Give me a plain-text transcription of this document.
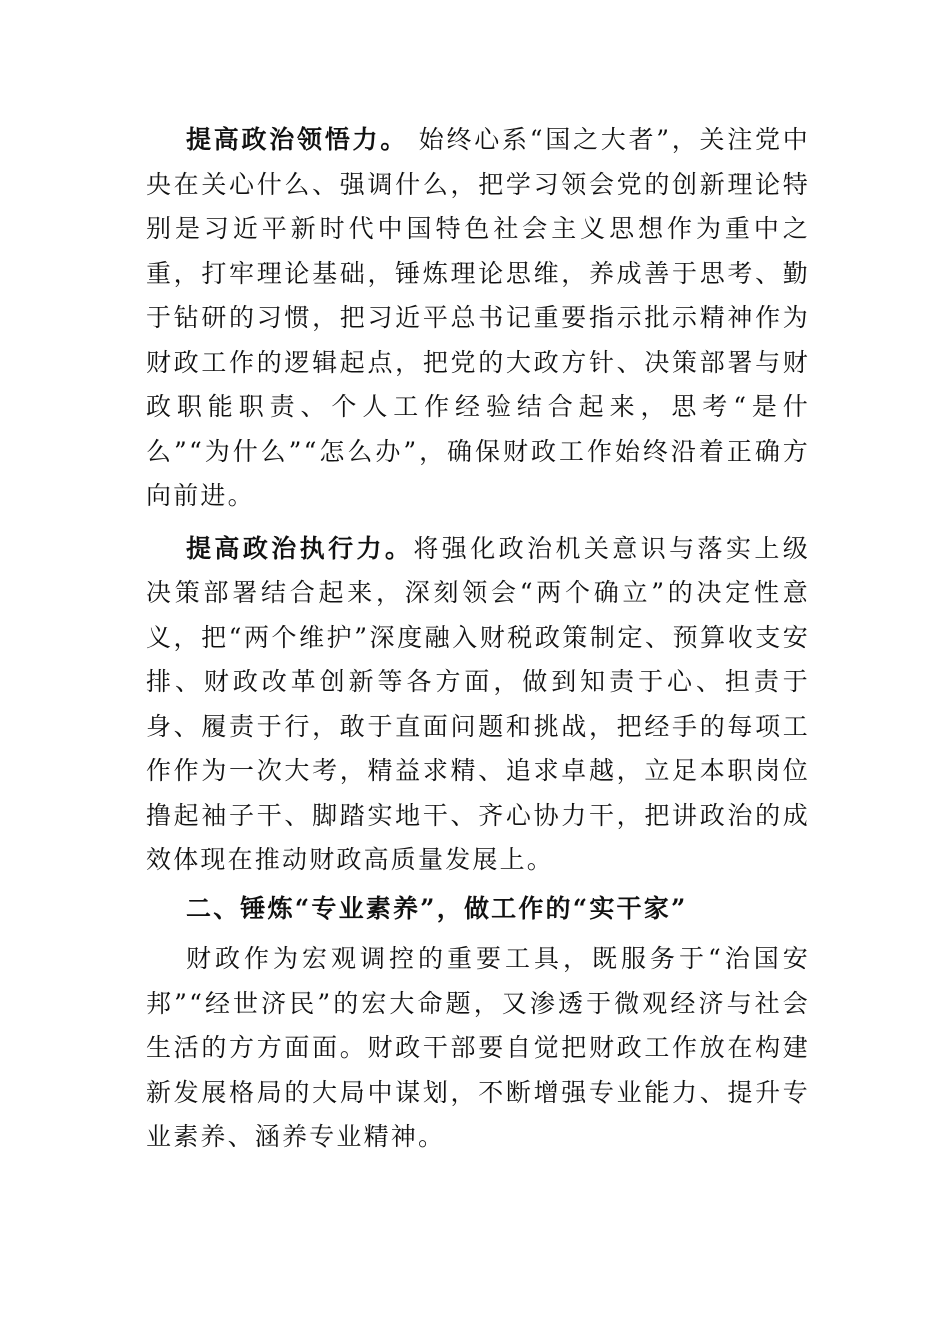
提高政治领悟力。 始终心系“国之大者”，关注党中央在关心什么、强调什么，把学习领会党的创新理论特别是习近平新时代中国特色社会主义思想作为重中之重，打牢理论基础，锤炼理论思维，养成善于思考、勤于钻研的习惯，把习近平总书记重要指示批示精神作为财政工作的逻辑起点，把党的大政方针、决策部署与财政职能职责、个人工作经验结合起来，思考“是什么”“为什么”“怎么办”，确保财政工作始终沿着正确方向前进。

提高政治执行力。将强化政治机关意识与落实上级决策部署结合起来，深刻领会“两个确立”的决定性意义，把“两个维护”深度融入财税政策制定、预算收支安排、财政改革创新等各方面，做到知责于心、担责于身、履责于行，敢于直面问题和挑战，把经手的每项工作作为一次大考，精益求精、追求卓越，立足本职岗位撸起袖子干、脚踏实地干、齐心协力干，把讲政治的成效体现在推动财政高质量发展上。

二、锤炼“专业素养”，做工作的“实干家”

财政作为宏观调控的重要工具，既服务于“治国安邦”“经世济民”的宏大命题，又渗透于微观经济与社会生活的方方面面。财政干部要自觉把财政工作放在构建新发展格局的大局中谋划，不断增强专业能力、提升专业素养、涵养专业精神。
